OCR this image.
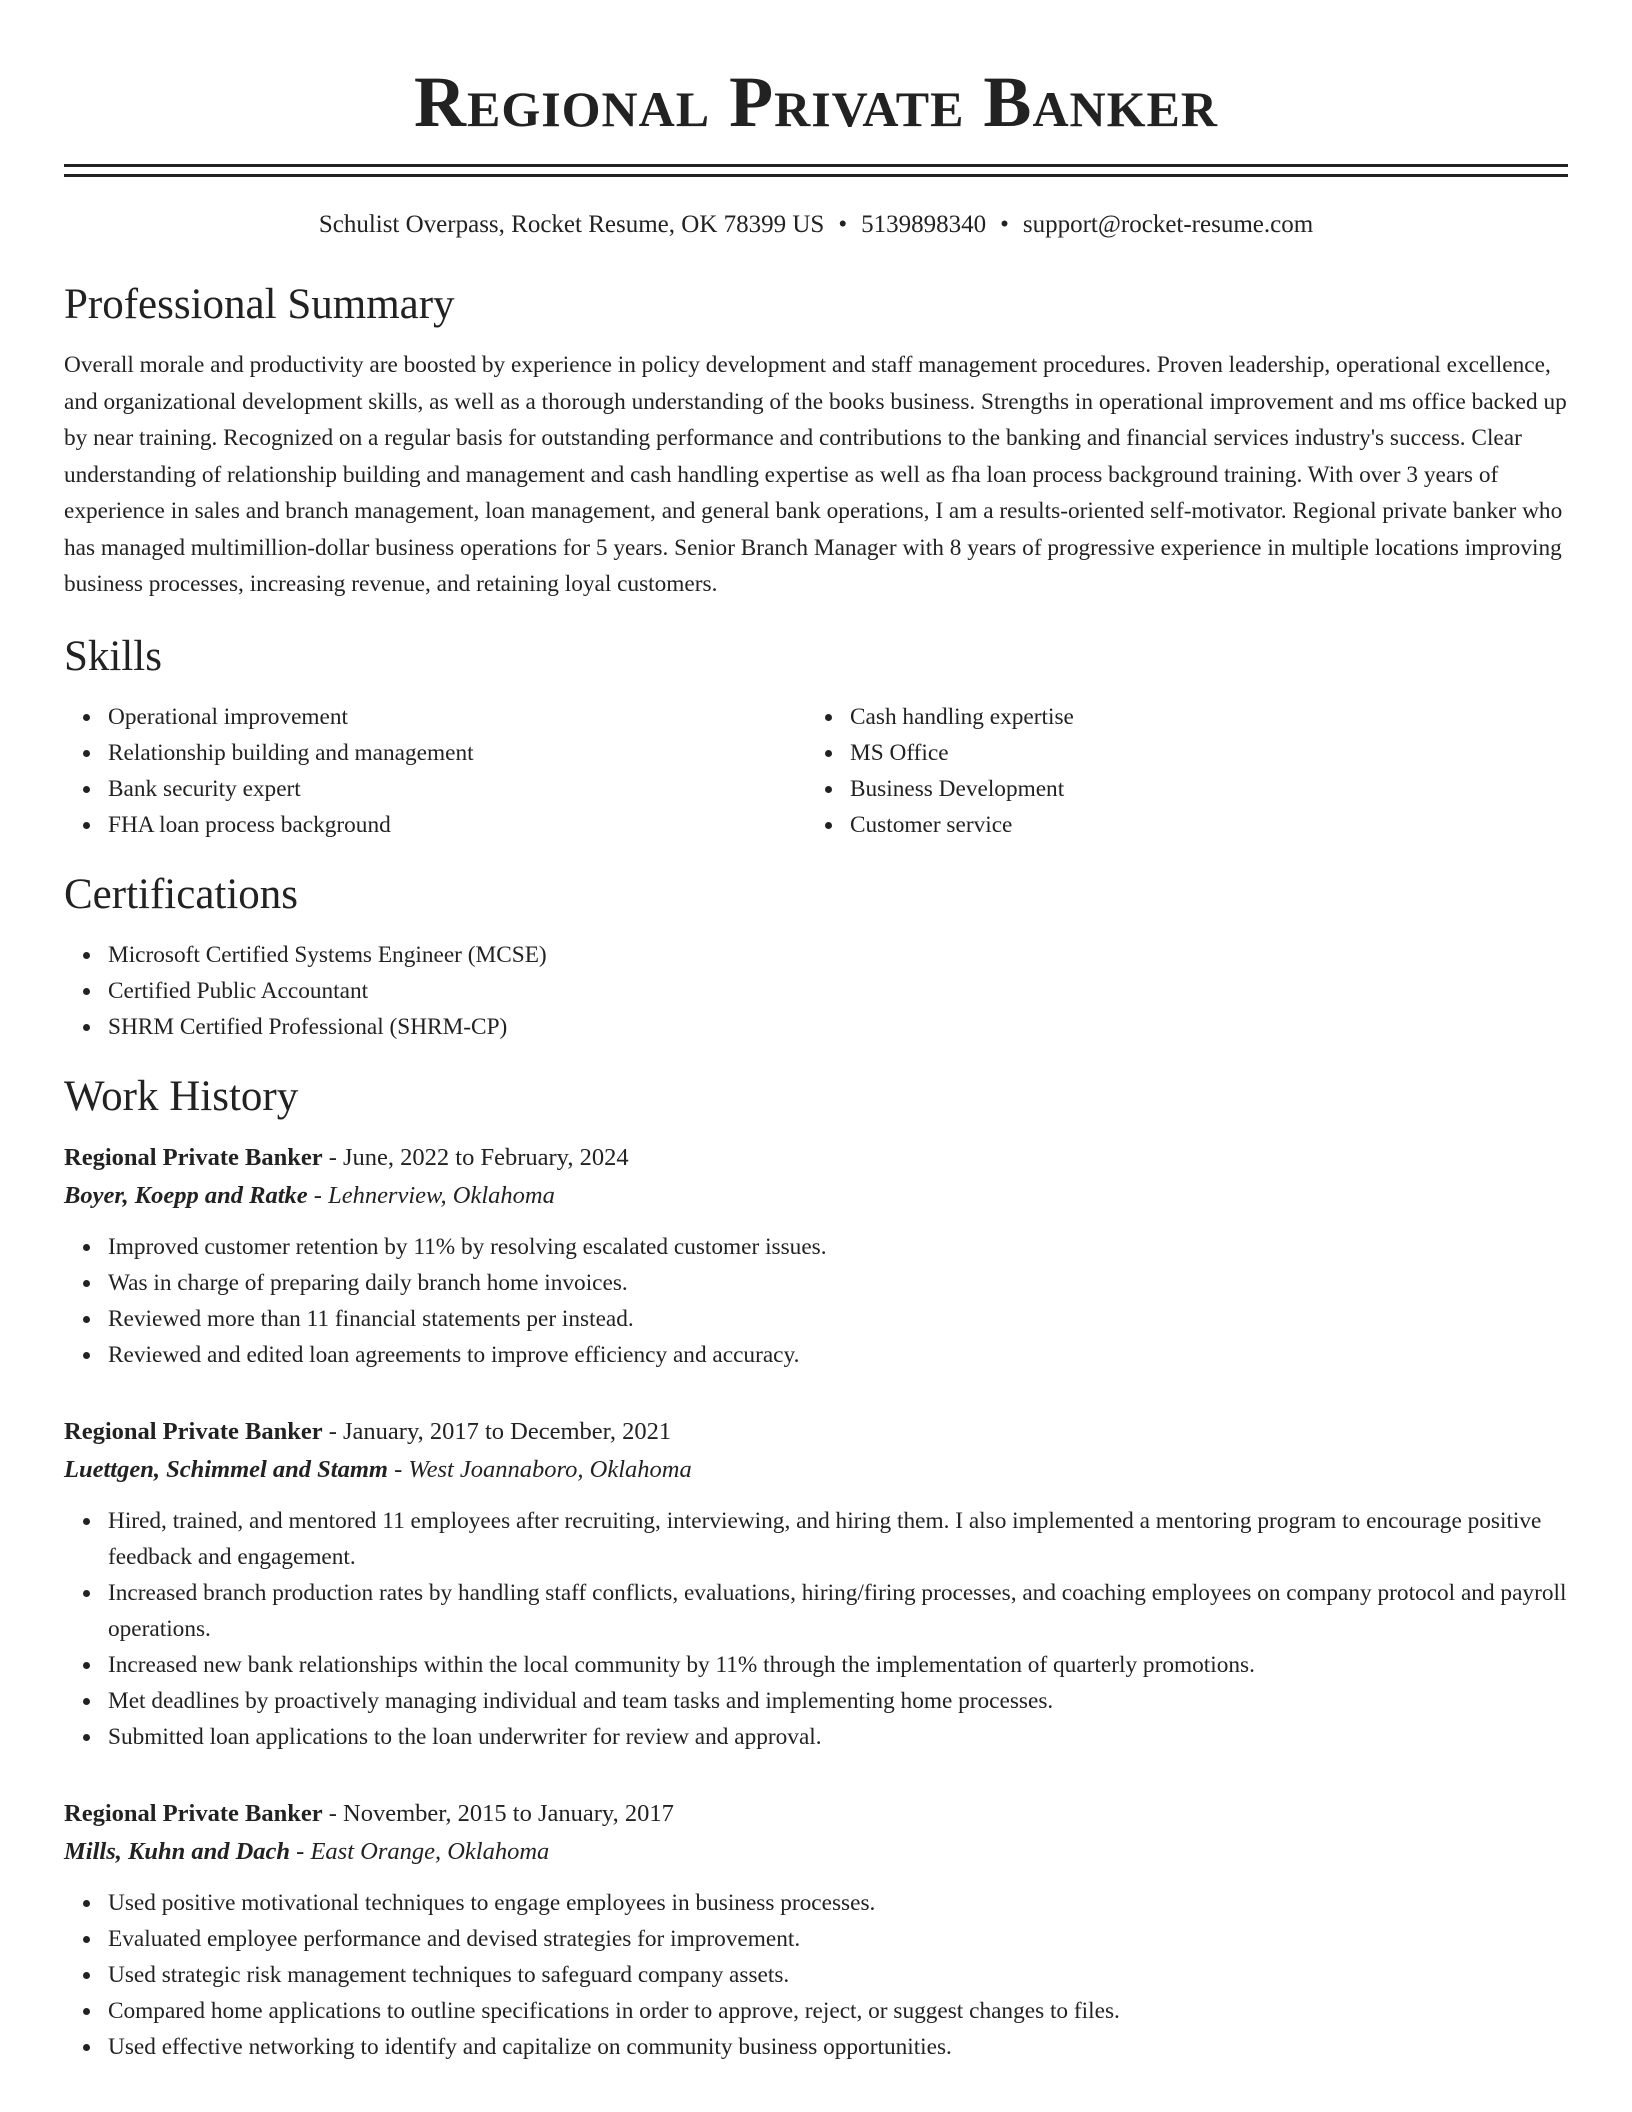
Regional Private Banker
Schulist Overpass, Rocket Resume, OK 78399 US • 5139898340 • support@rocket-resume.com
Professional Summary

Overall morale and productivity are boosted by experience in policy development and staff management procedures. Proven leadership, operational excellence, and organizational development skills, as well as a thorough understanding of the books business. Strengths in operational improvement and ms office backed up by near training. Recognized on a regular basis for outstanding performance and contributions to the banking and financial services industry's success. Clear understanding of relationship building and management and cash handling expertise as well as fha loan process background training. With over 3 years of experience in sales and branch management, loan management, and general bank operations, I am a results-oriented self-motivator. Regional private banker who has managed multimillion-dollar business operations for 5 years. Senior Branch Manager with 8 years of progressive experience in multiple locations improving business processes, increasing revenue, and retaining loyal customers.

Skills
Operational improvement
Relationship building and management
Bank security expert
FHA loan process background
Cash handling expertise
MS Office
Business Development
Customer service
Certifications
Microsoft Certified Systems Engineer (MCSE)
Certified Public Accountant
SHRM Certified Professional (SHRM-CP)
Work History
Regional Private Banker - June, 2022 to February, 2024
Boyer, Koepp and Ratke - Lehnerview, Oklahoma
Improved customer retention by 11% by resolving escalated customer issues.
Was in charge of preparing daily branch home invoices.
Reviewed more than 11 financial statements per instead.
Reviewed and edited loan agreements to improve efficiency and accuracy.
Regional Private Banker - January, 2017 to December, 2021
Luettgen, Schimmel and Stamm - West Joannaboro, Oklahoma
Hired, trained, and mentored 11 employees after recruiting, interviewing, and hiring them. I also implemented a mentoring program to encourage positive feedback and engagement.
Increased branch production rates by handling staff conflicts, evaluations, hiring/firing processes, and coaching employees on company protocol and payroll operations.
Increased new bank relationships within the local community by 11% through the implementation of quarterly promotions.
Met deadlines by proactively managing individual and team tasks and implementing home processes.
Submitted loan applications to the loan underwriter for review and approval.
Regional Private Banker - November, 2015 to January, 2017
Mills, Kuhn and Dach - East Orange, Oklahoma
Used positive motivational techniques to engage employees in business processes.
Evaluated employee performance and devised strategies for improvement.
Used strategic risk management techniques to safeguard company assets.
Compared home applications to outline specifications in order to approve, reject, or suggest changes to files.
Used effective networking to identify and capitalize on community business opportunities.
